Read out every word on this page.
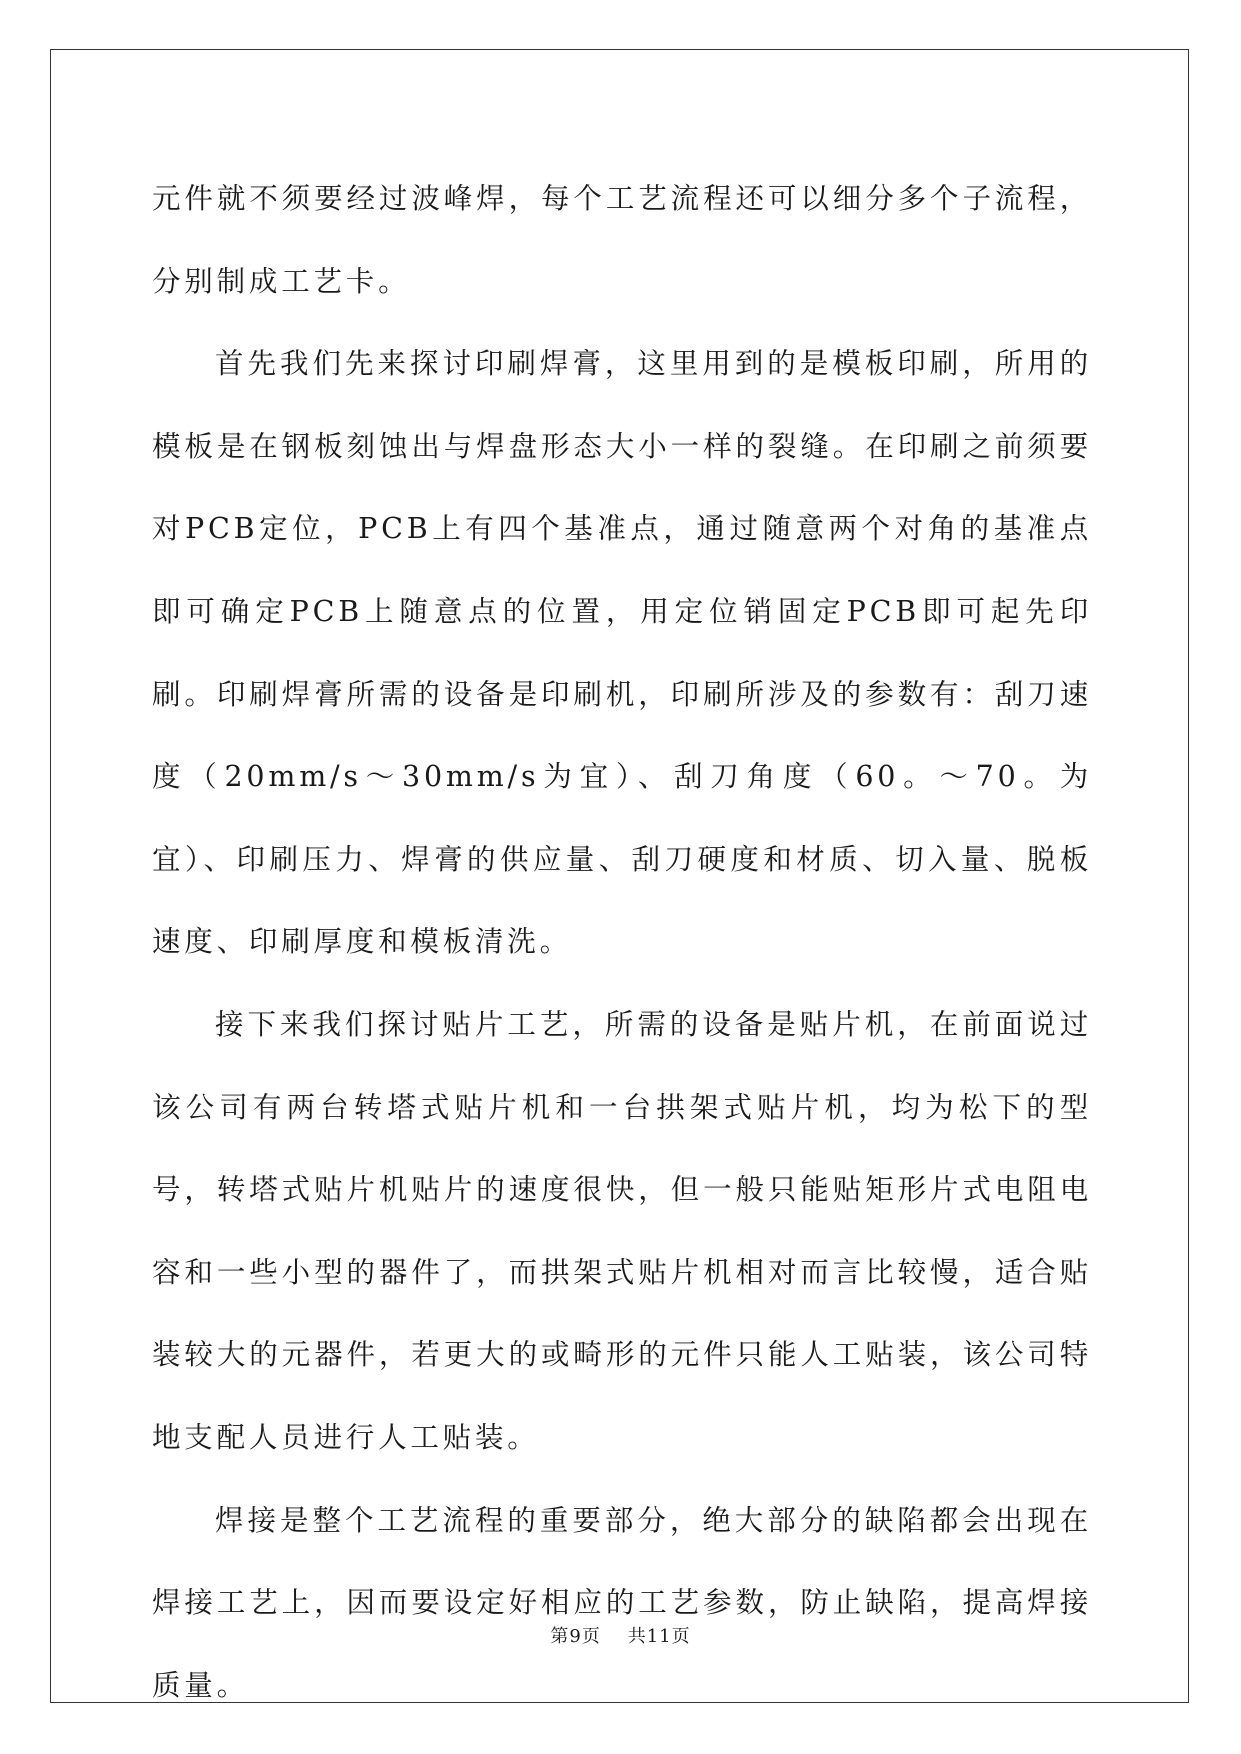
元件就不须要经过波峰焊，每个工艺流程还可以细分多个子流程，分别制成工艺卡。

首先我们先来探讨印刷焊膏，这里用到的是模板印刷，所用的模板是在钢板刻蚀出与焊盘形态大小一样的裂缝。在印刷之前须要对PCB定位，PCB上有四个基准点，通过随意两个对角的基准点即可确定PCB上随意点的位置，用定位销固定PCB即可起先印刷。印刷焊膏所需的设备是印刷机，印刷所涉及的参数有：刮刀速度（20mm/s～30mm/s为宜）、刮刀角度（60。～70。为宜）、印刷压力、焊膏的供应量、刮刀硬度和材质、切入量、脱板速度、印刷厚度和模板清洗。

接下来我们探讨贴片工艺，所需的设备是贴片机，在前面说过该公司有两台转塔式贴片机和一台拱架式贴片机，均为松下的型号，转塔式贴片机贴片的速度很快，但一般只能贴矩形片式电阻电容和一些小型的器件了，而拱架式贴片机相对而言比较慢，适合贴装较大的元器件，若更大的或畸形的元件只能人工贴装，该公司特地支配人员进行人工贴装。

焊接是整个工艺流程的重要部分，绝大部分的缺陷都会出现在焊接工艺上，因而要设定好相应的工艺参数，防止缺陷，提高焊接质量。

第9页 共11页
